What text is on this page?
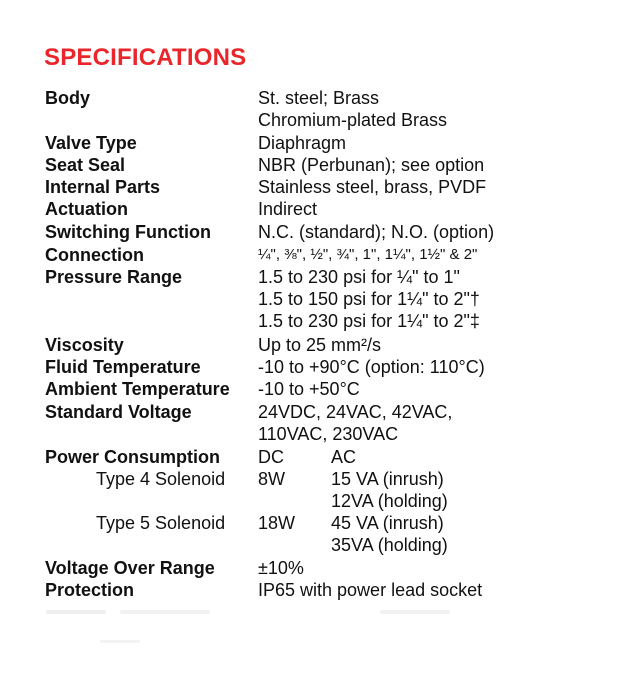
SPECIFICATIONS
Body	St. steel; Brass
Chromium-plated Brass
Valve Type	Diaphragm
Seat Seal	NBR (Perbunan); see option
Internal Parts	Stainless steel, brass, PVDF
Actuation	Indirect
Switching Function	N.C. (standard); N.O. (option)
Connection	¼", ⅜", ½", ¾", 1", 1¼", 1½" & 2"
Pressure Range	1.5 to 230 psi for ¼" to 1"
1.5 to 150 psi for 1¼" to 2"†
1.5 to 230 psi for 1¼" to 2"‡
Viscosity	Up to 25 mm²/s
Fluid Temperature	-10 to +90°C (option: 110°C)
Ambient Temperature -10 to +50°C
Standard Voltage	24VDC, 24VAC, 42VAC,
110VAC, 230VAC
Power Consumption DC	AC
Type 4 Solenoid 8W	15 VA (inrush)
12VA (holding)
Type 5 Solenoid 18W 45 VA (inrush)
35VA (holding)
Voltage Over Range ±10%
Protection	IP65 with power lead socket
